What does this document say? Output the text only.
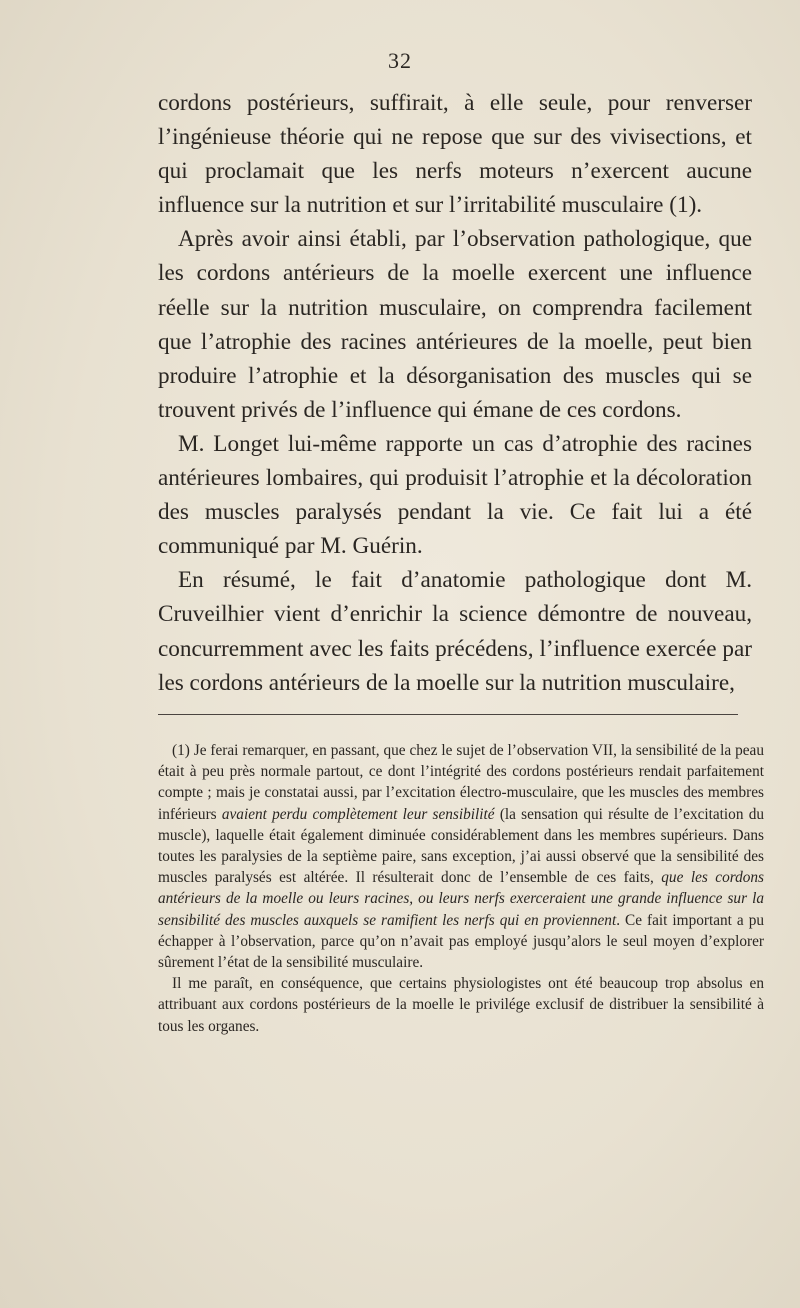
32

cordons postérieurs, suffirait, à elle seule, pour renverser l’ingénieuse théorie qui ne repose que sur des vivisections, et qui proclamait que les nerfs moteurs n’exercent aucune influence sur la nutrition et sur l’irritabilité musculaire (1).

Après avoir ainsi établi, par l’observation pathologique, que les cordons antérieurs de la moelle exercent une influence réelle sur la nutrition musculaire, on comprendra facilement que l’atrophie des racines antérieures de la moelle, peut bien produire l’atrophie et la désorganisation des muscles qui se trouvent privés de l’influence qui émane de ces cordons.

M. Longet lui-même rapporte un cas d’atrophie des racines antérieures lombaires, qui produisit l’atrophie et la décoloration des muscles paralysés pendant la vie. Ce fait lui a été communiqué par M. Guérin.

En résumé, le fait d’anatomie pathologique dont M. Cruveilhier vient d’enrichir la science démontre de nouveau, concurremment avec les faits précédens, l’influence exercée par les cordons antérieurs de la moelle sur la nutrition musculaire,

(1) Je ferai remarquer, en passant, que chez le sujet de l’observation VII, la sensibilité de la peau était à peu près normale partout, ce dont l’intégrité des cordons postérieurs rendait parfaitement compte ; mais je constatai aussi, par l’excitation électro-musculaire, que les muscles des membres inférieurs avaient perdu complètement leur sensibilité (la sensation qui résulte de l’excitation du muscle), laquelle était également diminuée considérablement dans les membres supérieurs. Dans toutes les paralysies de la septième paire, sans exception, j’ai aussi observé que la sensibilité des muscles paralysés est altérée. Il résulterait donc de l’ensemble de ces faits, que les cordons antérieurs de la moelle ou leurs racines, ou leurs nerfs exerceraient une grande influence sur la sensibilité des muscles auxquels se ramifient les nerfs qui en proviennent. Ce fait important a pu échapper à l’observation, parce qu’on n’avait pas employé jusqu’alors le seul moyen d’explorer sûrement l’état de la sensibilité musculaire.

Il me paraît, en conséquence, que certains physiologistes ont été beaucoup trop absolus en attribuant aux cordons postérieurs de la moelle le privilége exclusif de distribuer la sensibilité à tous les organes.
